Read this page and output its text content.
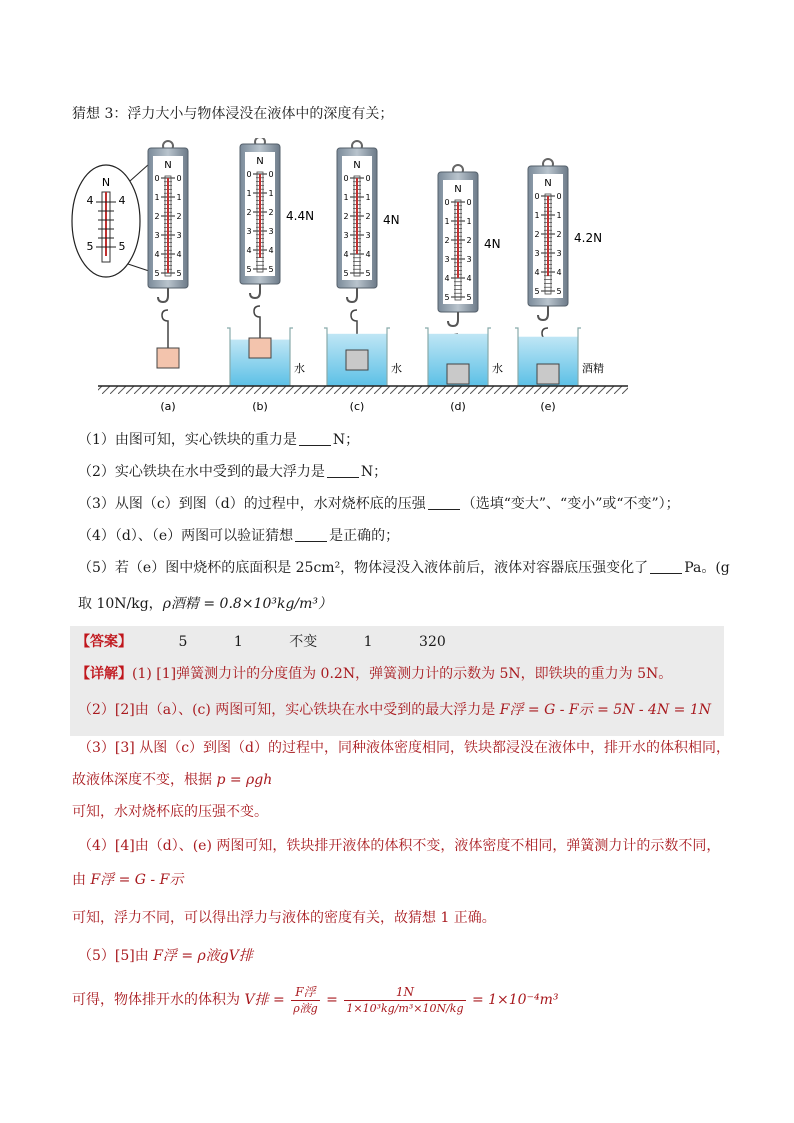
猜想 3：浮力大小与物体浸没在液体中的深度有关；
N
4 4
5 5
N
0 0
1 1
2 2
3 3
4 4
5 5
N
0 0
1 1
2 2
3 3
4 4
5 5
4.4N
水
N
0 0
1 1
2 2
3 3
4 4
5 5
4N
水
N
0 0
1 1
2 2
3 3
4 4
5 5
4N
水
N
0 0
1 1
2 2
3 3
4 4
5 5
4.2N
酒精
(a)	(b)	(c)	(d)	(e)
（1）由图可知，实心铁块的重力是	N；
（2）实心铁块在水中受到的最大浮力是	N；
（3）从图（c）到图（d）的过程中，水对烧杯底的压强	（选填“变大”、“变小”或“不变”）；
（4）（d）、（e）两图可以验证猜想	是正确的；
（5）若（e）图中烧杯的底面积是 25cm²，物体浸没入液体前后，液体对容器底压强变化了	Pa。(g
取 10N/kg，ρ酒精 = 0.8×10³kg/m³）
【答案】	5	1	不变	1	320
【详解】(1) [1]弹簧测力计的分度值为 0.2N，弹簧测力计的示数为 5N，即铁块的重力为 5N。
（2）[2]由（a）、(c) 两图可知，实心铁块在水中受到的最大浮力是 F浮 = G - F示 = 5N - 4N = 1N
（3）[3] 从图（c）到图（d）的过程中，同种液体密度相同，铁块都浸没在液体中，排开水的体积相同，
故液体深度不变，根据 p = ρgh
可知，水对烧杯底的压强不变。
（4）[4]由（d）、(e) 两图可知，铁块排开液体的体积不变，液体密度不相同，弹簧测力计的示数不同，
由 F浮 = G - F示
可知，浮力不同，可以得出浮力与液体的密度有关，故猜想 1 正确。
（5）[5]由 F浮 = ρ液gV排
可得，物体排开水的体积为 V排 = $\frac{\text{F浮}}{\text{ρ液g}} = \frac{1N}{\text{1×10³kg/m³×10N/kg}} = 1\times 10^{-4}m^3$
